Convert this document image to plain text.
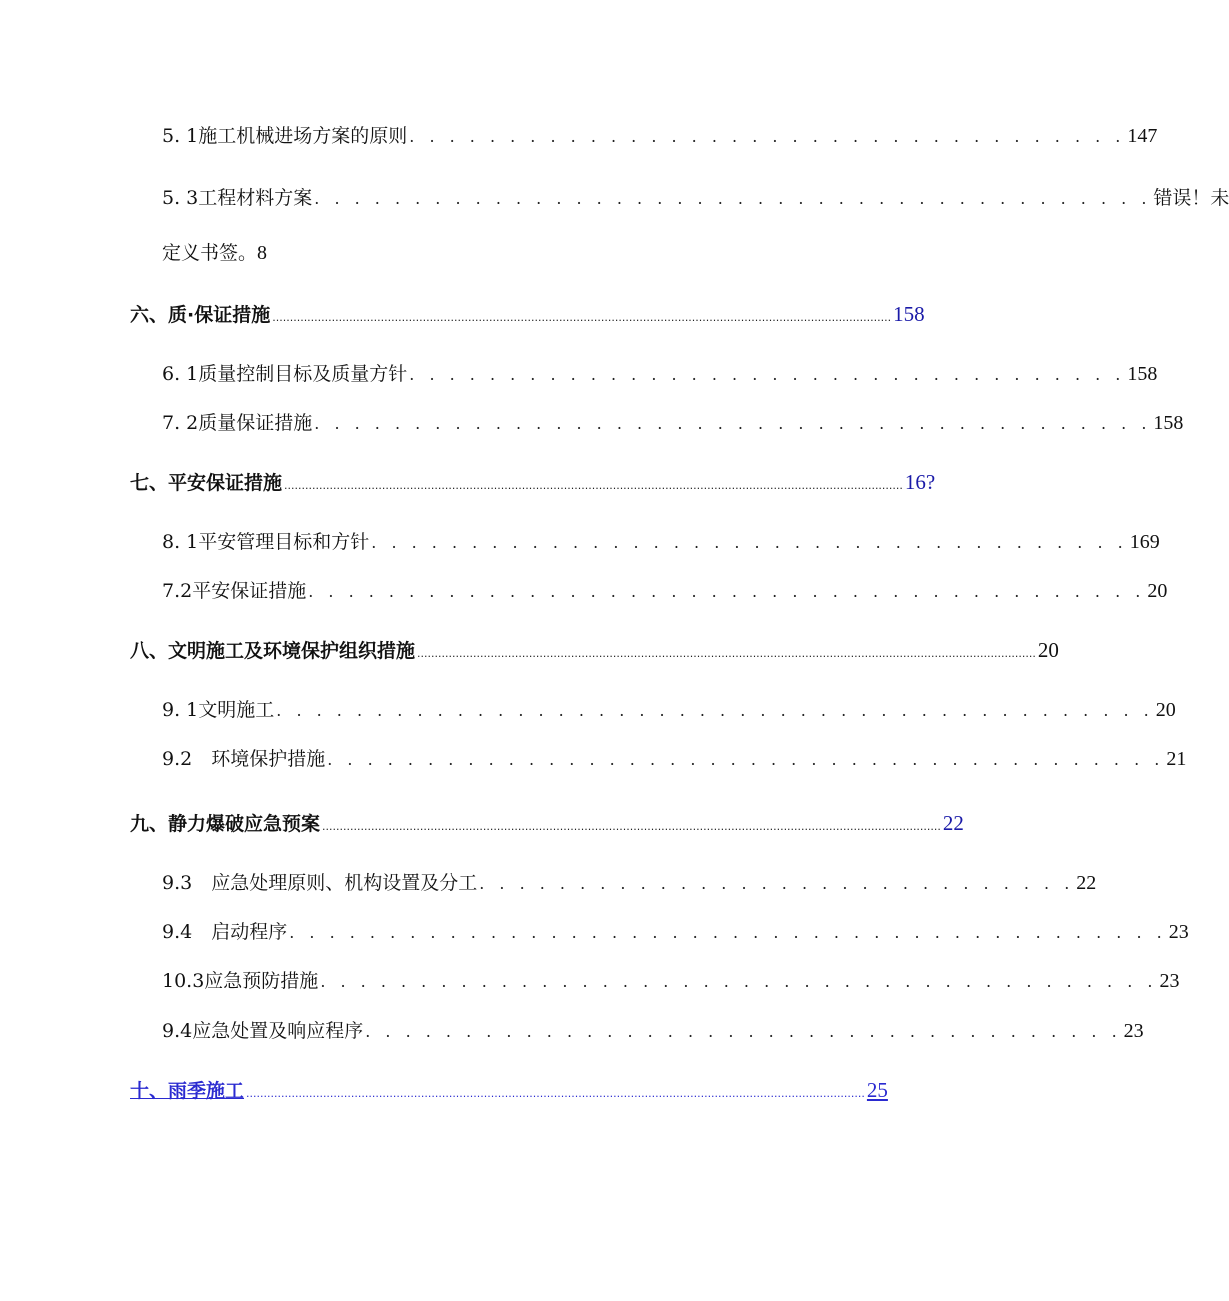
5. 1施工机械进场方案的原则 . . . . . . . . . . . . . . . . . . . . . . . . . . . . . . . . . . . . 147
5. 3工程材料方案 . . . . . . . . . . . . . . . . . . . . . . . . . . . . . . . . . . . . . . . . . . 错误！未
定义书签。8
六、质·保证措施 ................................................................................................................................................................................. 158
6. 1质量控制目标及质量方针 . . . . . . . . . . . . . . . . . . . . . . . . . . . . . . . . . . . . 158
7. 2质量保证措施 . . . . . . . . . . . . . . . . . . . . . . . . . . . . . . . . . . . . . . . . . . 158
七、平安保证措施 ................................................................................................................................................................................. 16?
8. 1平安管理目标和方针 . . . . . . . . . . . . . . . . . . . . . . . . . . . . . . . . . . . . . . 169
7.2平安保证措施 . . . . . . . . . . . . . . . . . . . . . . . . . . . . . . . . . . . . . . . . . . 20
八、文明施工及环境保护组织措施 ................................................................................................................................................................................. 20
9. 1文明施工 . . . . . . . . . . . . . . . . . . . . . . . . . . . . . . . . . . . . . . . . . . . . 20
9.2　环境保护措施 . . . . . . . . . . . . . . . . . . . . . . . . . . . . . . . . . . . . . . . . . . 21
九、静力爆破应急预案 ................................................................................................................................................................................. 22
9.3　应急处理原则、机构设置及分工 . . . . . . . . . . . . . . . . . . . . . . . . . . . . . . 22
9.4　启动程序 . . . . . . . . . . . . . . . . . . . . . . . . . . . . . . . . . . . . . . . . . . . . 23
10.3应急预防措施 . . . . . . . . . . . . . . . . . . . . . . . . . . . . . . . . . . . . . . . . . . 23
9.4应急处置及响应程序 . . . . . . . . . . . . . . . . . . . . . . . . . . . . . . . . . . . . . . 23
十、雨季施工 ................................................................................................................................................................................. 25
